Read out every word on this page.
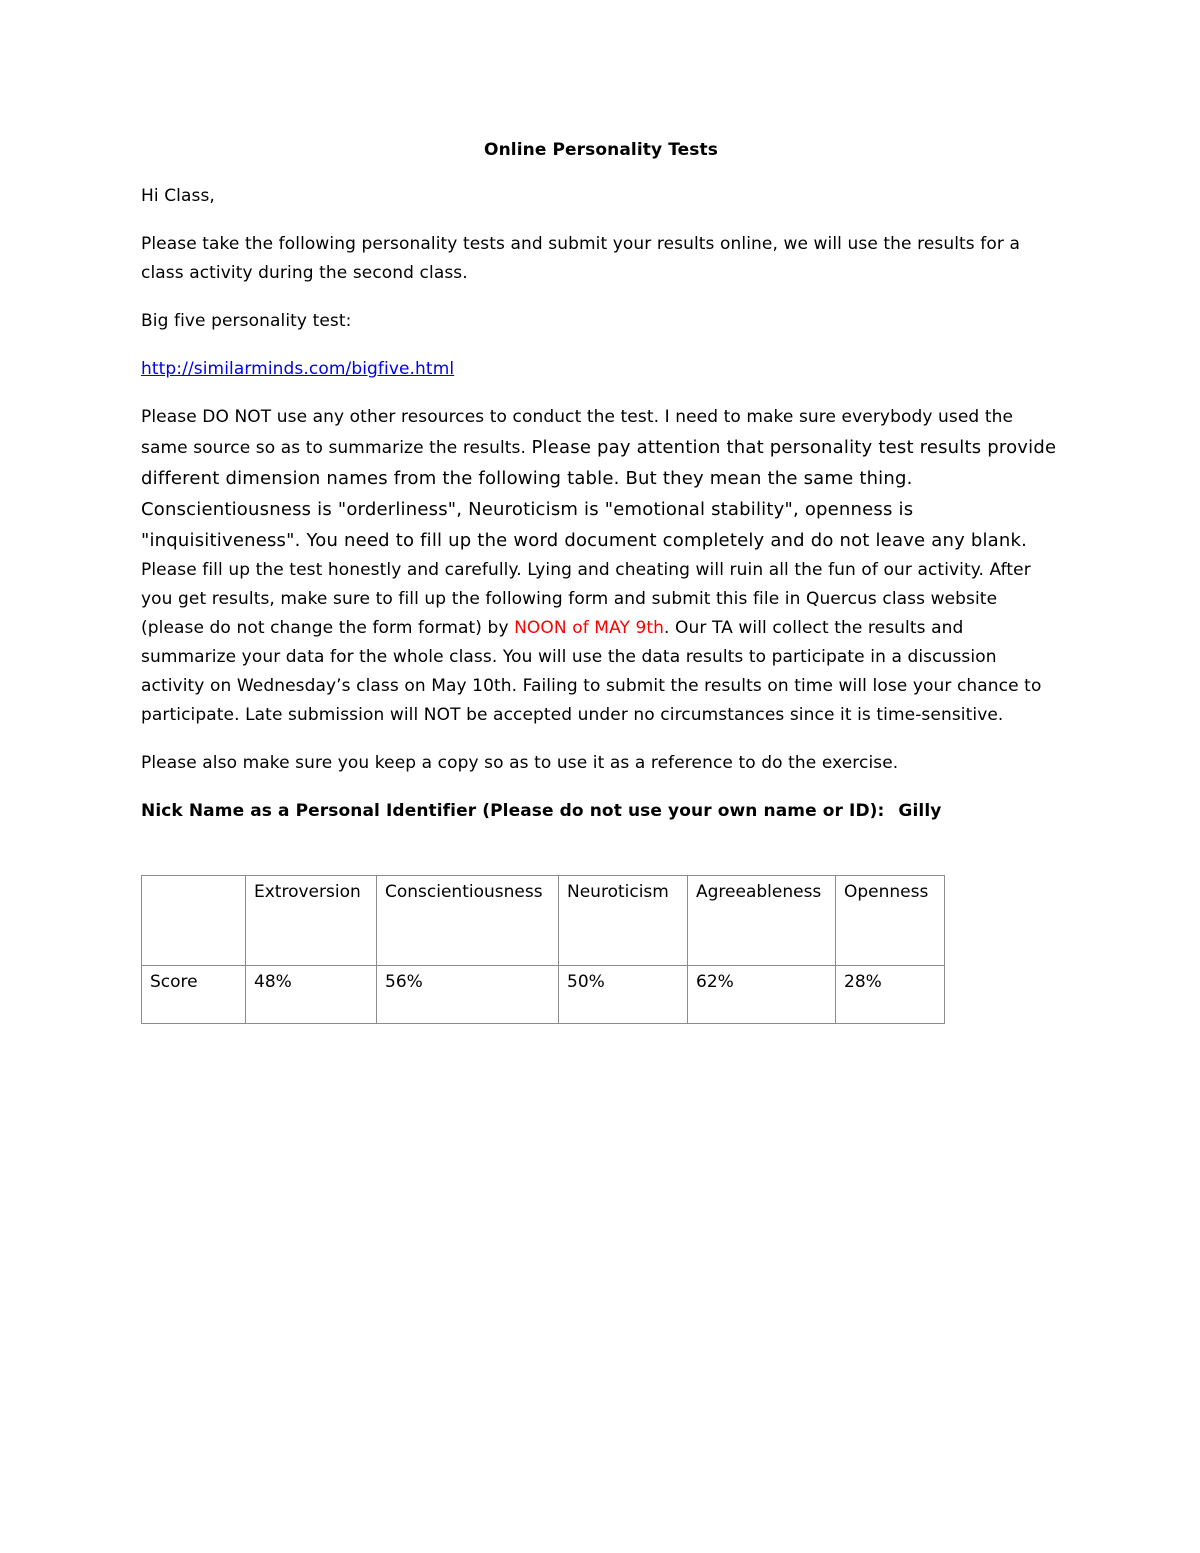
Online Personality Tests

Hi Class,

Please take the following personality tests and submit your results online, we will use the results for a class activity during the second class.

Big five personality test:

http://similarminds.com/bigfive.html

Please DO NOT use any other resources to conduct the test. I need to make sure everybody used the same source so as to summarize the results. Please pay attention that personality test results provide different dimension names from the following table. But they mean the same thing. Conscientiousness is "orderliness", Neuroticism is "emotional stability", openness is "inquisitiveness". You need to fill up the word document completely and do not leave any blank. Please fill up the test honestly and carefully. Lying and cheating will ruin all the fun of our activity. After you get results, make sure to fill up the following form and submit this file in Quercus class website (please do not change the form format) by NOON of MAY 9th. Our TA will collect the results and summarize your data for the whole class. You will use the data results to participate in a discussion activity on Wednesday’s class on May 10th. Failing to submit the results on time will lose your chance to participate. Late submission will NOT be accepted under no circumstances since it is time-sensitive.

Please also make sure you keep a copy so as to use it as a reference to do the exercise.

Nick Name as a Personal Identifier (Please do not use your own name or ID): Gilly

	Extroversion	Conscientiousness	Neuroticism	Agreeableness	Openness
Score	48%	56%	50%	62%	28%
